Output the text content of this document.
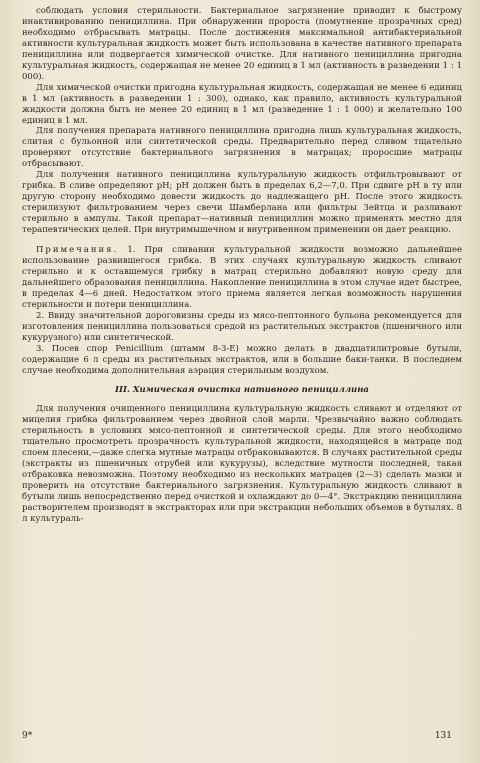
соблюдать условия стерильности. Бактериальное загрязнение приводит к быстрому инактивированию пенициллина. При обнаружении пророста (помутнение прозрачных сред) необходимо отбрасывать матрацы. После достижения максимальной антибактериальной активности культуральная жидкость может быть использована в качестве нативного препарата пенициллина или подвергается химической очистке. Для нативного пенициллина пригодна культуральная жидкость, содержащая не менее 20 единиц в 1 мл (активность в разведении 1 : 1 000).

Для химической очистки пригодна культуральная жидкость, содержащая не менее 6 единиц в 1 мл (активность в разведении 1 : 300), однако, как правило, активность культуральной жидкости должна быть не менее 20 единиц в 1 мл (разведение 1 : 1 000) и желательно 100 единиц в 1 мл.

Для получения препарата нативного пенициллина пригодна лишь культуральная жидкость, слитая с бульонной или синтетической среды. Предварительно перед сливом тщательно проверяют отсутствие бактериального загрязнения в матрацах; проросшие матрацы отбрасывают.

Для получения нативного пенициллина культуральную жидкость отфильтровывают от грибка. В сливе определяют pH; pH должен быть в пределах 6,2—7,0. При сдвиге pH в ту или другую сторону необходимо довести жидкость до надлежащего pH. После этого жидкость стерилизуют фильтрованием через свечи Шамберлана или фильтры Зейтца и разливают стерильно в ампулы. Такой препарат—нативный пенициллин можно применять местно для терапевтических целей. При внутримышечном и внутривенном применении он дает реакцию.

Примечания. 1. При сливании культуральной жидкости возможно дальнейшее использование развившегося грибка. В этих случаях культуральную жидкость сливают стерильно и к оставшемуся грибку в матрац стерильно добавляют новую среду для дальнейшего образования пенициллина. Накопление пенициллина в этом случае идет быстрее, в пределах 4—6 дней. Недостатком этого приема является легкая возможность нарушения стерильности и потери пенициллина.

2. Ввиду значительной дороговизны среды из мясо-пептонного бульона рекомендуется для изготовления пенициллина пользоваться средой из растительных экстрактов (пшеничного или кукурузного) или синтетической.

3. Посев спор Penicillium (штамм 8-3-Е) можно делать в двадцатилитровые бутыли, содержащие 6 л среды из растительных экстрактов, или в большие баки-танки. В последнем случае необходима дополнительная аэрация стерильным воздухом.

III. Химическая очистка нативного пенициллина

Для получения очищенного пенициллина культуральную жидкость сливают и отделяют от мицелия грибка фильтрованием через двойной слой марли. Чрезвычайно важно соблюдать стерильность в условиях мясо-пептонной и синтетической среды. Для этого необходимо тщательно просмотреть прозрачность культуральной жидкости, находящейся в матраце под слоем плесени,—даже слегка мутные матрацы отбраковываются. В случаях растительной среды (экстракты из пшеничных отрубей или кукурузы), вследствие мутности последней, такая отбраковка невозможна. Поэтому необходимо из нескольких матрацев (2—3) сделать мазки и проверить на отсутствие бактериального загрязнения. Культуральную жидкость сливают в бутыли лишь непосредственно перед очисткой и охлаждают до 0—4°. Экстракцию пенициллина растворителем производят в экстракторах или при экстракции небольших объемов в бутылях. 8 л культураль-

9*	131
